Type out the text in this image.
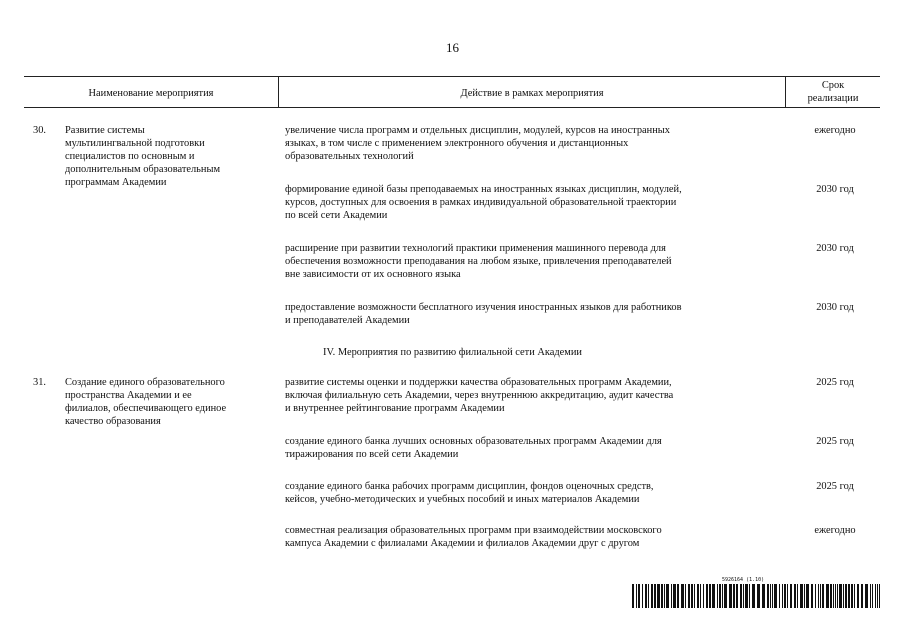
16
Наименование мероприятия	Действие в рамках мероприятия
Срок
реализации
30. Развитие системы
мультилингвальной подготовки
специалистов по основным и
дополнительным образовательным
программам Академии
увеличение числа программ и отдельных дисциплин, модулей, курсов на иностранных
языках, в том числе с применением электронного обучения и дистанционных
образовательных технологий
ежегодно
формирование единой базы преподаваемых на иностранных языках дисциплин, модулей,
курсов, доступных для освоения в рамках индивидуальной образовательной траектории
по всей сети Академии
2030 год
расширение при развитии технологий практики применения машинного перевода для
обеспечения возможности преподавания на любом языке, привлечения преподавателей
вне зависимости от их основного языка
2030 год
предоставление возможности бесплатного изучения иностранных языков для работников
и преподавателей Академии
2030 год
IV. Мероприятия по развитию филиальной сети Академии
31. Создание единого образовательного
пространства Академии и ее
филиалов, обеспечивающего единое
качество образования
развитие системы оценки и поддержки качества образовательных программ Академии,
включая филиальную сеть Академии, через внутреннюю аккредитацию, аудит качества
и внутреннее рейтингование программ Академии
2025 год
создание единого банка лучших основных образовательных программ Академии для
тиражирования по всей сети Академии
2025 год
создание единого банка рабочих программ дисциплин, фондов оценочных средств,
кейсов, учебно-методических и учебных пособий и иных материалов Академии
2025 год
совместная реализация образовательных программ при взаимодействии московского
кампуса Академии с филиалами Академии и филиалов Академии друг с другом
ежегодно
5926164 (1.10)
